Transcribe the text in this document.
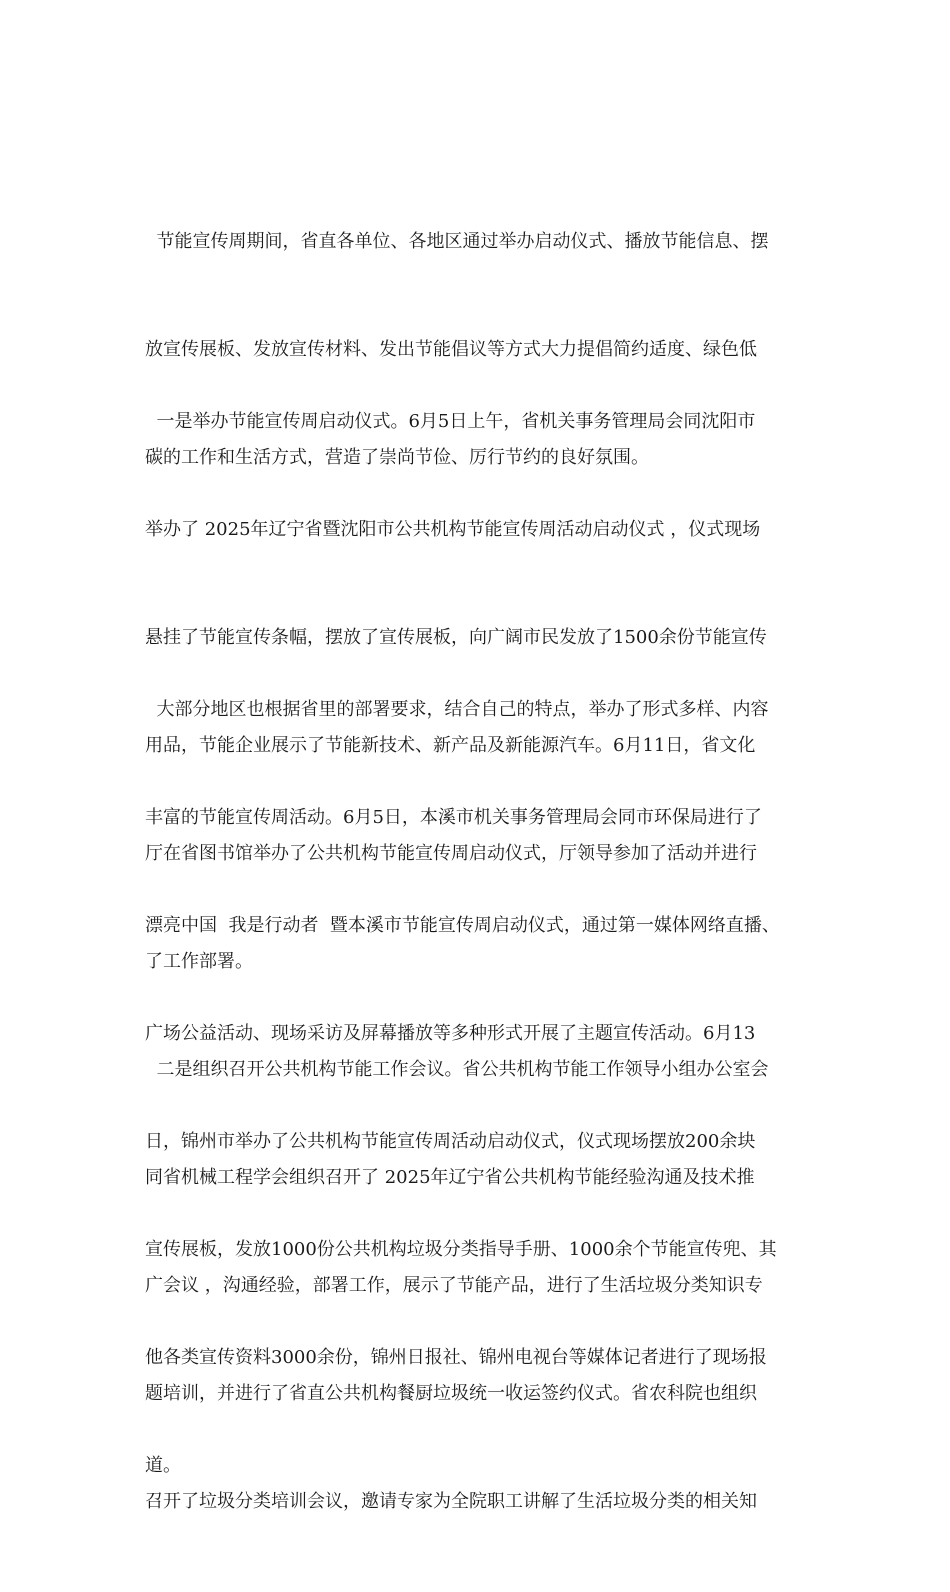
节能宣传周期间，省直各单位、各地区通过举办启动仪式、播放节能信息、摆

放宣传展板、发放宣传材料、发出节能倡议等方式大力提倡简约适度、绿色低

碳的工作和生活方式，营造了崇尚节俭、厉行节约的良好氛围。

一是举办节能宣传周启动仪式。6月5日上午，省机关事务管理局会同沈阳市

举办了 2025年辽宁省暨沈阳市公共机构节能宣传周活动启动仪式 ，仪式现场

悬挂了节能宣传条幅，摆放了宣传展板，向广阔市民发放了1500余份节能宣传

用品，节能企业展示了节能新技术、新产品及新能源汽车。6月11日，省文化

厅在省图书馆举办了公共机构节能宣传周启动仪式，厅领导参加了活动并进行

了工作部署。

大部分地区也根据省里的部署要求，结合自己的特点，举办了形式多样、内容

丰富的节能宣传周活动。6月5日，本溪市机关事务管理局会同市环保局进行了

漂亮中国  我是行动者  暨本溪市节能宣传周启动仪式，通过第一媒体网络直播、

广场公益活动、现场采访及屏幕播放等多种形式开展了主题宣传活动。6月13

日，锦州市举办了公共机构节能宣传周活动启动仪式，仪式现场摆放200余块

宣传展板，发放1000份公共机构垃圾分类指导手册、1000余个节能宣传兜、其

他各类宣传资料3000余份，锦州日报社、锦州电视台等媒体记者进行了现场报

道。

二是组织召开公共机构节能工作会议。省公共机构节能工作领导小组办公室会

同省机械工程学会组织召开了 2025年辽宁省公共机构节能经验沟通及技术推

广会议 ，沟通经验，部署工作，展示了节能产品，进行了生活垃圾分类知识专

题培训，并进行了省直公共机构餐厨垃圾统一收运签约仪式。省农科院也组织

召开了垃圾分类培训会议，邀请专家为全院职工讲解了生活垃圾分类的相关知
